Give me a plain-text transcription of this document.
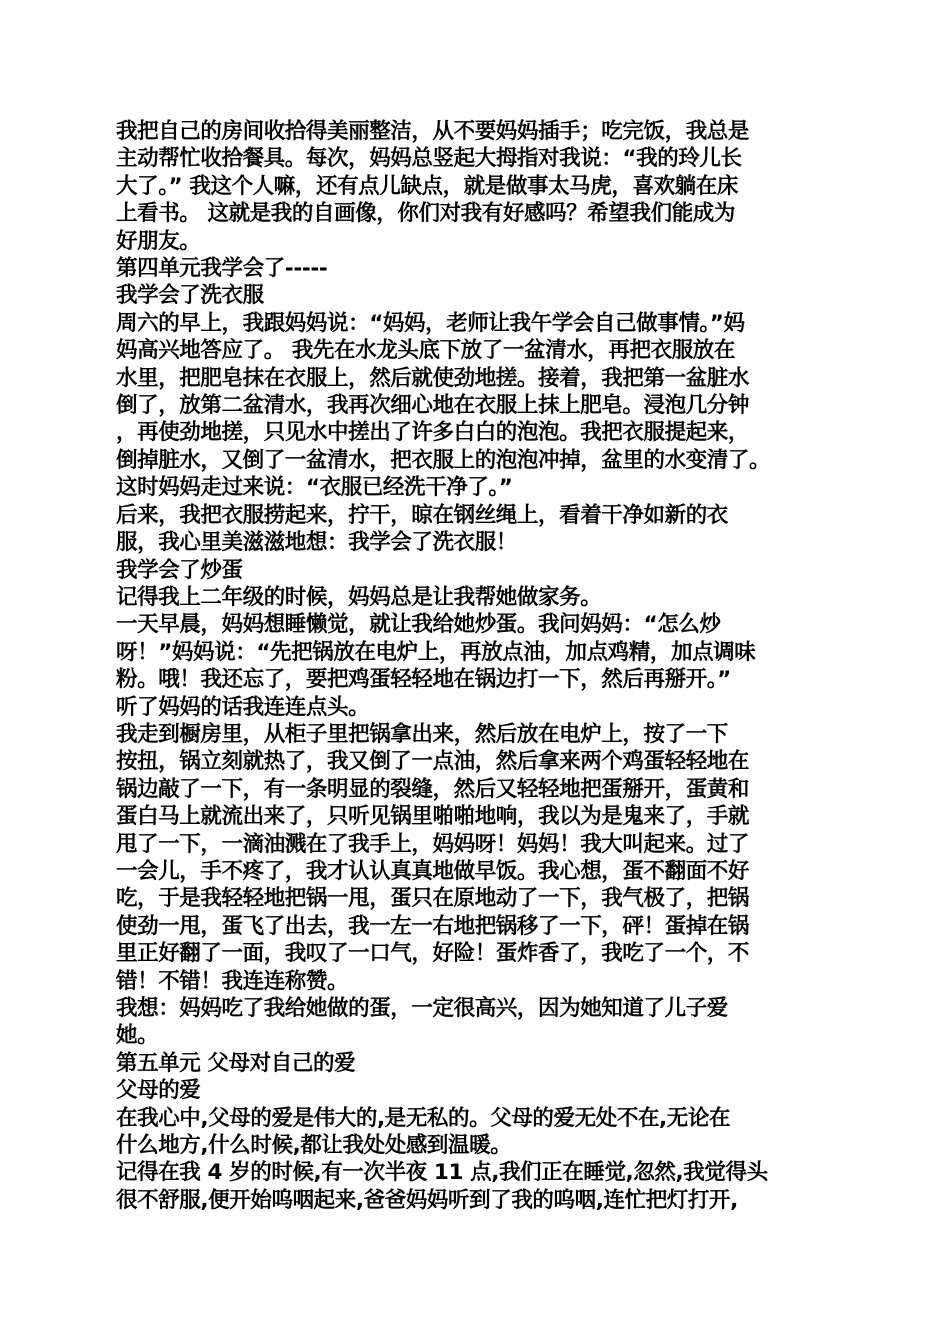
我把自己的房间收拾得美丽整洁，从不要妈妈插手；吃完饭，我总是
主动帮忙收拾餐具。每次，妈妈总竖起大拇指对我说：“我的玲儿长
大了。” 我这个人嘛，还有点儿缺点，就是做事太马虎，喜欢躺在床
上看书。 这就是我的自画像，你们对我有好感吗？希望我们能成为
好朋友。
第四单元我学会了-----
我学会了洗衣服
周六的早上，我跟妈妈说：“妈妈，老师让我午学会自己做事情。”妈
妈高兴地答应了。 我先在水龙头底下放了一盆清水，再把衣服放在
水里，把肥皂抹在衣服上，然后就使劲地搓。接着，我把第一盆脏水
倒了，放第二盆清水，我再次细心地在衣服上抹上肥皂。浸泡几分钟
，再使劲地搓，只见水中搓出了许多白白的泡泡。我把衣服提起来，
倒掉脏水，又倒了一盆清水，把衣服上的泡泡冲掉，盆里的水变清了。
这时妈妈走过来说：“衣服已经洗干净了。”
后来，我把衣服捞起来，拧干，晾在钢丝绳上，看着干净如新的衣
服，我心里美滋滋地想：我学会了洗衣服！
我学会了炒蛋
记得我上二年级的时候，妈妈总是让我帮她做家务。
一天早晨，妈妈想睡懒觉，就让我给她炒蛋。我问妈妈：“怎么炒
呀！”妈妈说：“先把锅放在电炉上，再放点油，加点鸡精，加点调味
粉。哦！我还忘了，要把鸡蛋轻轻地在锅边打一下，然后再掰开。”
听了妈妈的话我连连点头。
我走到橱房里，从柜子里把锅拿出来，然后放在电炉上，按了一下
按扭，锅立刻就热了，我又倒了一点油，然后拿来两个鸡蛋轻轻地在
锅边敲了一下，有一条明显的裂缝，然后又轻轻地把蛋掰开，蛋黄和
蛋白马上就流出来了，只听见锅里啪啪地响，我以为是鬼来了，手就
甩了一下，一滴油溅在了我手上，妈妈呀！妈妈！我大叫起来。过了
一会儿，手不疼了，我才认认真真地做早饭。我心想，蛋不翻面不好
吃，于是我轻轻地把锅一甩，蛋只在原地动了一下，我气极了，把锅
使劲一甩，蛋飞了出去，我一左一右地把锅移了一下，砰！蛋掉在锅
里正好翻了一面，我叹了一口气，好险！蛋炸香了，我吃了一个，不
错！不错！我连连称赞。
我想：妈妈吃了我给她做的蛋，一定很高兴，因为她知道了儿子爱
她。
第五单元 父母对自己的爱
父母的爱
在我心中,父母的爱是伟大的,是无私的。父母的爱无处不在,无论在
什么地方,什么时候,都让我处处感到温暖。
记得在我 4 岁的时候,有一次半夜 11 点,我们正在睡觉,忽然,我觉得头
很不舒服,便开始呜咽起来,爸爸妈妈听到了我的呜咽,连忙把灯打开,
